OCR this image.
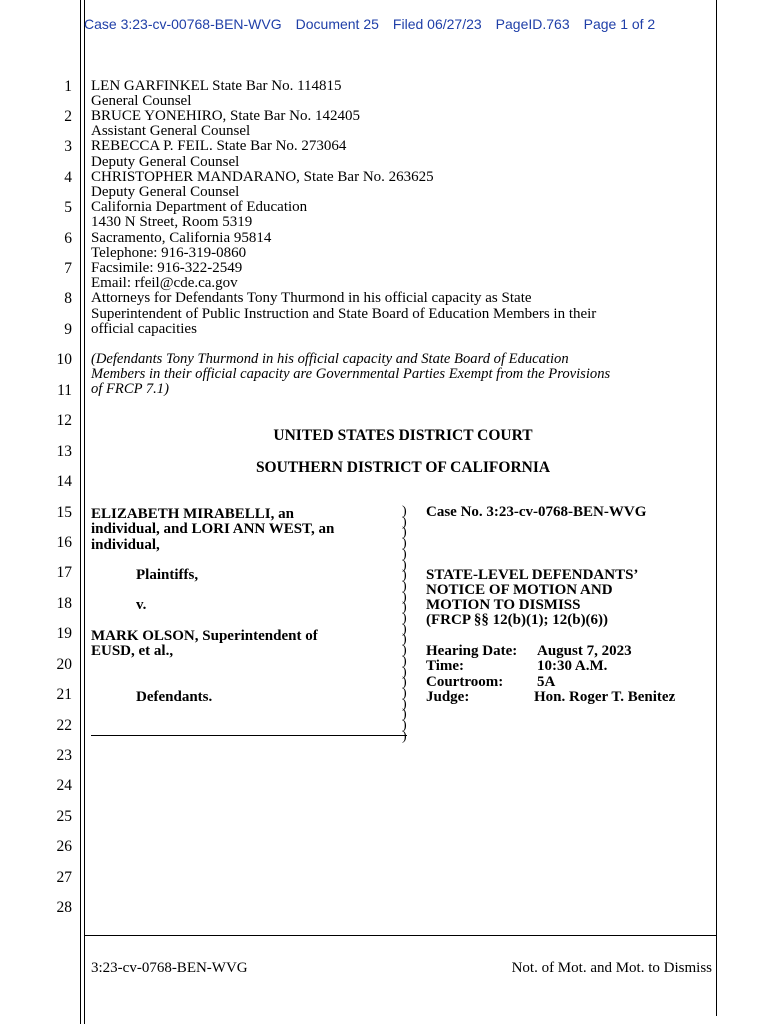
Case 3:23-cv-00768-BEN-WVG Document 25 Filed 06/27/23 PageID.763 Page 1 of 2
1
2
3
4
5
6
7
8
9
10
11
12
13
14
15
16
17
18
19
20
21
22
23
24
25
26
27
28
LEN GARFINKEL State Bar No. 114815
General Counsel
BRUCE YONEHIRO, State Bar No. 142405
Assistant General Counsel
REBECCA P. FEIL. State Bar No. 273064
Deputy General Counsel
CHRISTOPHER MANDARANO, State Bar No. 263625
Deputy General Counsel
California Department of Education
1430 N Street, Room 5319
Sacramento, California 95814
Telephone: 916-319-0860
Facsimile: 916-322-2549
Email: rfeil@cde.ca.gov
Attorneys for Defendants Tony Thurmond in his official capacity as State
Superintendent of Public Instruction and State Board of Education Members in their
official capacities
(Defendants Tony Thurmond in his official capacity and State Board of Education
Members in their official capacity are Governmental Parties Exempt from the Provisions
of FRCP 7.1)
UNITED STATES DISTRICT COURT
SOUTHERN DISTRICT OF CALIFORNIA
ELIZABETH MIRABELLI, an
individual, and LORI ANN WEST, an
individual,
Plaintiffs,
v.
MARK OLSON, Superintendent of
EUSD, et al.,
Defendants.
)
)
)
)
)
)
)
)
)
)
)
)
)
)
)
)
)
)
)
)
)
)
Case No. 3:23-cv-0768-BEN-WVG
STATE-LEVEL DEFENDANTS’
NOTICE OF MOTION AND
MOTION TO DISMISS
(FRCP §§ 12(b)(1); 12(b)(6))
Hearing Date: August 7, 2023
Time:	10:30 A.M.
Courtroom: 5A
Judge:	Hon. Roger T. Benitez
3:23-cv-0768-BEN-WVG	Not. of Mot. and Mot. to Dismiss
